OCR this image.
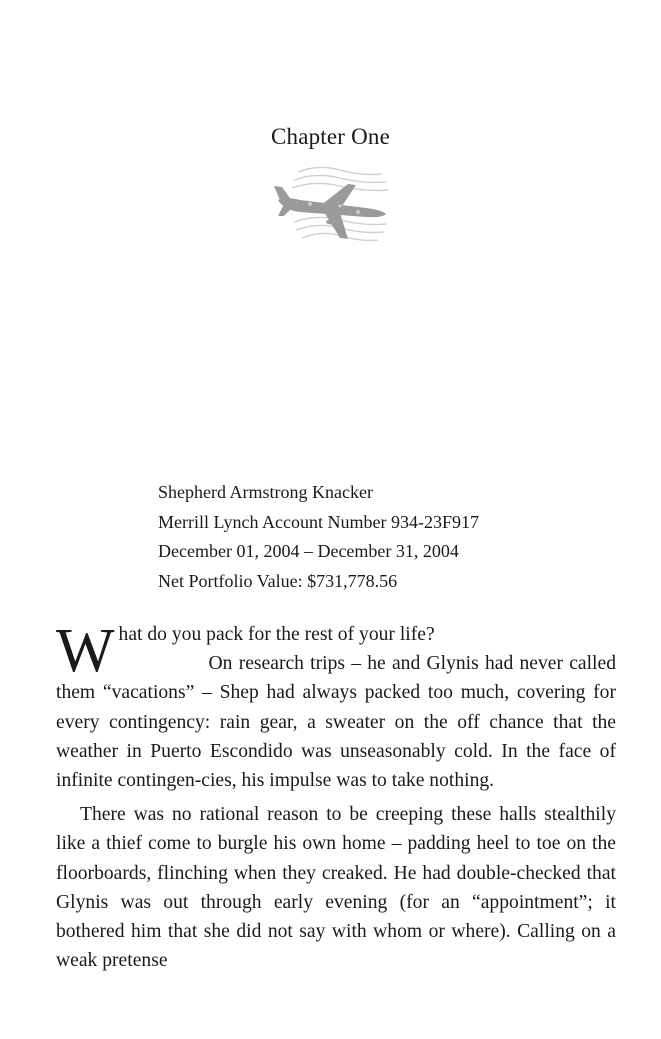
Chapter One
Shepherd Armstrong Knacker
Merrill Lynch Account Number 934-23F917
December 01, 2004 – December 31, 2004
Net Portfolio Value: $731,778.56

What do you pack for the rest of your life?
On research trips – he and Glynis had never called them “vacations” – Shep had always packed too much, covering for every contingency: rain gear, a sweater on the off chance that the weather in Puerto Escondido was unseasonably cold. In the face of infinite contingen-cies, his impulse was to take nothing.

There was no rational reason to be creeping these halls stealthily like a thief come to burgle his own home – padding heel to toe on the floorboards, flinching when they creaked. He had double-checked that Glynis was out through early evening (for an “appointment”; it bothered him that she did not say with whom or where). Calling on a weak pretense
